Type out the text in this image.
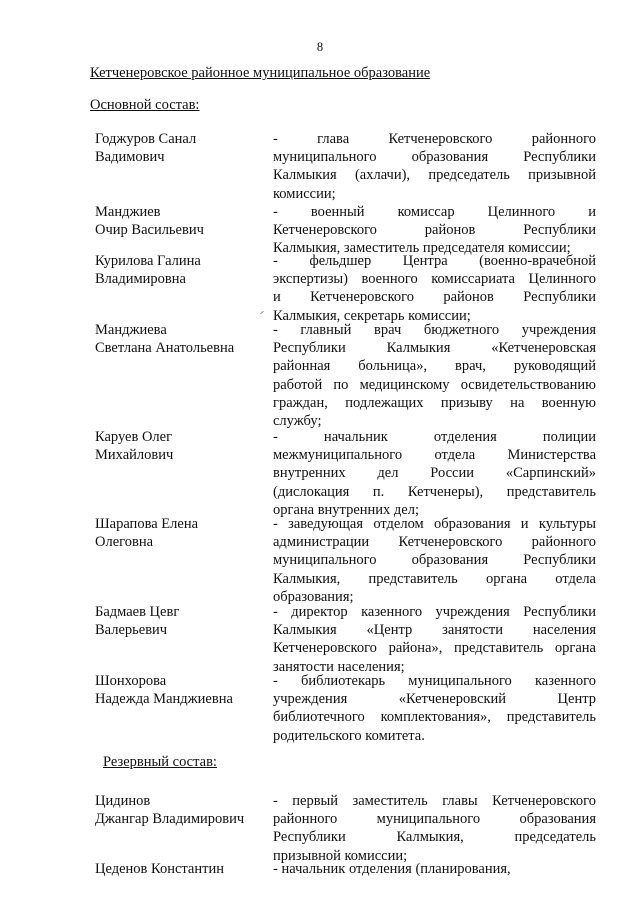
8
Кетченеровское районное муниципальное образование
Основной состав:
Годжуров Санал
Вадимович
- глава Кетченеровского районного
муниципального образования Республики
Калмыкия (ахлачи), председатель призывной
комиссии;
Манджиев
Очир Васильевич
- военный комиссар Целинного и
Кетченеровского районов Республики
Калмыкия, заместитель председателя комиссии;
Курилова Галина
Владимировна
- фельдшер Центра (военно-врачебной
экспертизы) военного комиссариата Целинного
и Кетченеровского районов Республики
Калмыкия, секретарь комиссии;
Манджиева
Светлана Анатольевна
- главный врач бюджетного учреждения
Республики Калмыкия «Кетченеровская
районная больница», врач, руководящий
работой по медицинскому освидетельствованию
граждан, подлежащих призыву на военную
службу;
Каруев Олег
Михайлович
- начальник отделения полиции
межмуниципального отдела Министерства
внутренних дел России «Сарпинский»
(дислокация п. Кетченеры), представитель
органа внутренних дел;
Шарапова Елена
Олеговна
- заведующая отделом образования и культуры
администрации Кетченеровского районного
муниципального образования Республики
Калмыкия, представитель органа отдела
образования;
Бадмаев Цевг
Валерьевич
- директор казенного учреждения Республики
Калмыкия «Центр занятости населения
Кетченеровского района», представитель органа
занятости населения;
Шонхорова
Надежда Манджиевна
- библиотекарь муниципального казенного
учреждения «Кетченеровский Центр
библиотечного комплектования», представитель
родительского комитета.
Резервный состав:
Цидинов
Джангар Владимирович
- первый заместитель главы Кетченеровского
районного муниципального образования
Республики Калмыкия, председатель
призывной комиссии;
Цеденов Константин	- начальник отделения (планирования,
